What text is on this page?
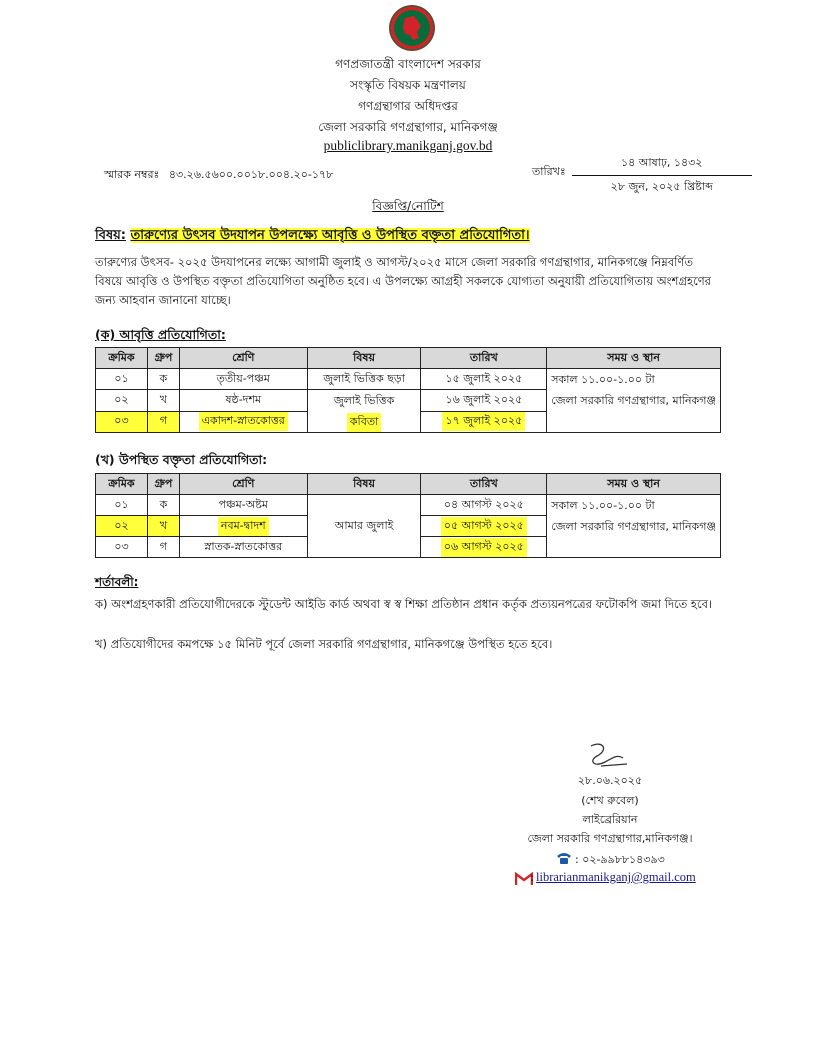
গণপ্রজাতন্ত্রী বাংলাদেশ সরকার
সংস্কৃতি বিষয়ক মন্ত্রণালয়
গণগ্রন্থাগার অধিদপ্তর
জেলা সরকারি গণগ্রন্থাগার, মানিকগঞ্জ
publiclibrary.manikganj.gov.bd
স্মারক নম্বরঃ ৪৩.২৬.৫৬০০.০০১৮.০০৪.২০-১৭৮	তারিখঃ
১৪ আষাঢ়, ১৪৩২
২৮ জুন, ২০২৫ খ্রিষ্টাব্দ
বিজ্ঞপ্তি/নোটিশ
বিষয়: তারুণ্যের উৎসব উদযাপন উপলক্ষ্যে আবৃত্তি ও উপস্থিত বক্তৃতা প্রতিযোগিতা।
তারুণ্যের উৎসব- ২০২৫ উদযাপনের লক্ষ্যে আগামী জুলাই ও আগস্ট/২০২৫ মাসে জেলা সরকারি গণগ্রন্থাগার, মানিকগঞ্জে নিম্নবর্ণিত বিষয়ে আবৃত্তি ও উপস্থিত বক্তৃতা প্রতিযোগিতা অনুষ্ঠিত হবে। এ উপলক্ষ্যে আগ্রহী সকলকে যোগ্যতা অনুযায়ী প্রতিযোগিতায় অংশগ্রহণের জন্য আহবান জানানো যাচ্ছে।
(ক) আবৃত্তি প্রতিযোগিতা:
ক্রমিক	গ্রুপ	শ্রেণি	বিষয়	তারিখ	সময় ও স্থান
০১	ক	তৃতীয়-পঞ্চম	জুলাই ভিত্তিক ছড়া	১৫ জুলাই ২০২৫	সকাল ১১.০০-১.০০ টা
জেলা সরকারি গণগ্রন্থাগার, মানিকগঞ্জ

০২	খ	ষষ্ঠ-দশম	জুলাই ভিত্তিক
কবিতা	১৬ জুলাই ২০২৫	
০৩	গ	একাদশ-স্নাতকোত্তর		১৭ জুলাই ২০২৫	
(খ) উপস্থিত বক্তৃতা প্রতিযোগিতা:
ক্রমিক	গ্রুপ	শ্রেণি	বিষয়	তারিখ	সময় ও স্থান
০১	ক	পঞ্চম-অষ্টম	আমার জুলাই	০৪ আগস্ট ২০২৫	সকাল ১১.০০-১.০০ টা
জেলা সরকারি গণগ্রন্থাগার, মানিকগঞ্জ

০২	খ	নবম-দ্বাদশ		০৫ আগস্ট ২০২৫	
০৩	গ	স্নাতক-স্নাতকোত্তর		০৬ আগস্ট ২০২৫	
শর্তাবলী:
ক) অংশগ্রহণকারী প্রতিযোগীদেরকে স্টুডেন্ট আইডি কার্ড অথবা স্ব স্ব শিক্ষা প্রতিষ্ঠান প্রধান কর্তৃক প্রত্যয়নপত্রের ফটোকপি জমা দিতে হবে।
খ) প্রতিযোগীদের কমপক্ষে ১৫ মিনিট পূর্বে জেলা সরকারি গণগ্রন্থাগার, মানিকগঞ্জে উপস্থিত হতে হবে।
২৮.০৬.২০২৫
(শেখ রুবেল)
লাইব্রেরিয়ান
জেলা সরকারি গণগ্রন্থাগার,মানিকগঞ্জ।
: ০২-৯৯৮৮১৪৩৯৩
: librarianmanikganj@gmail.com
